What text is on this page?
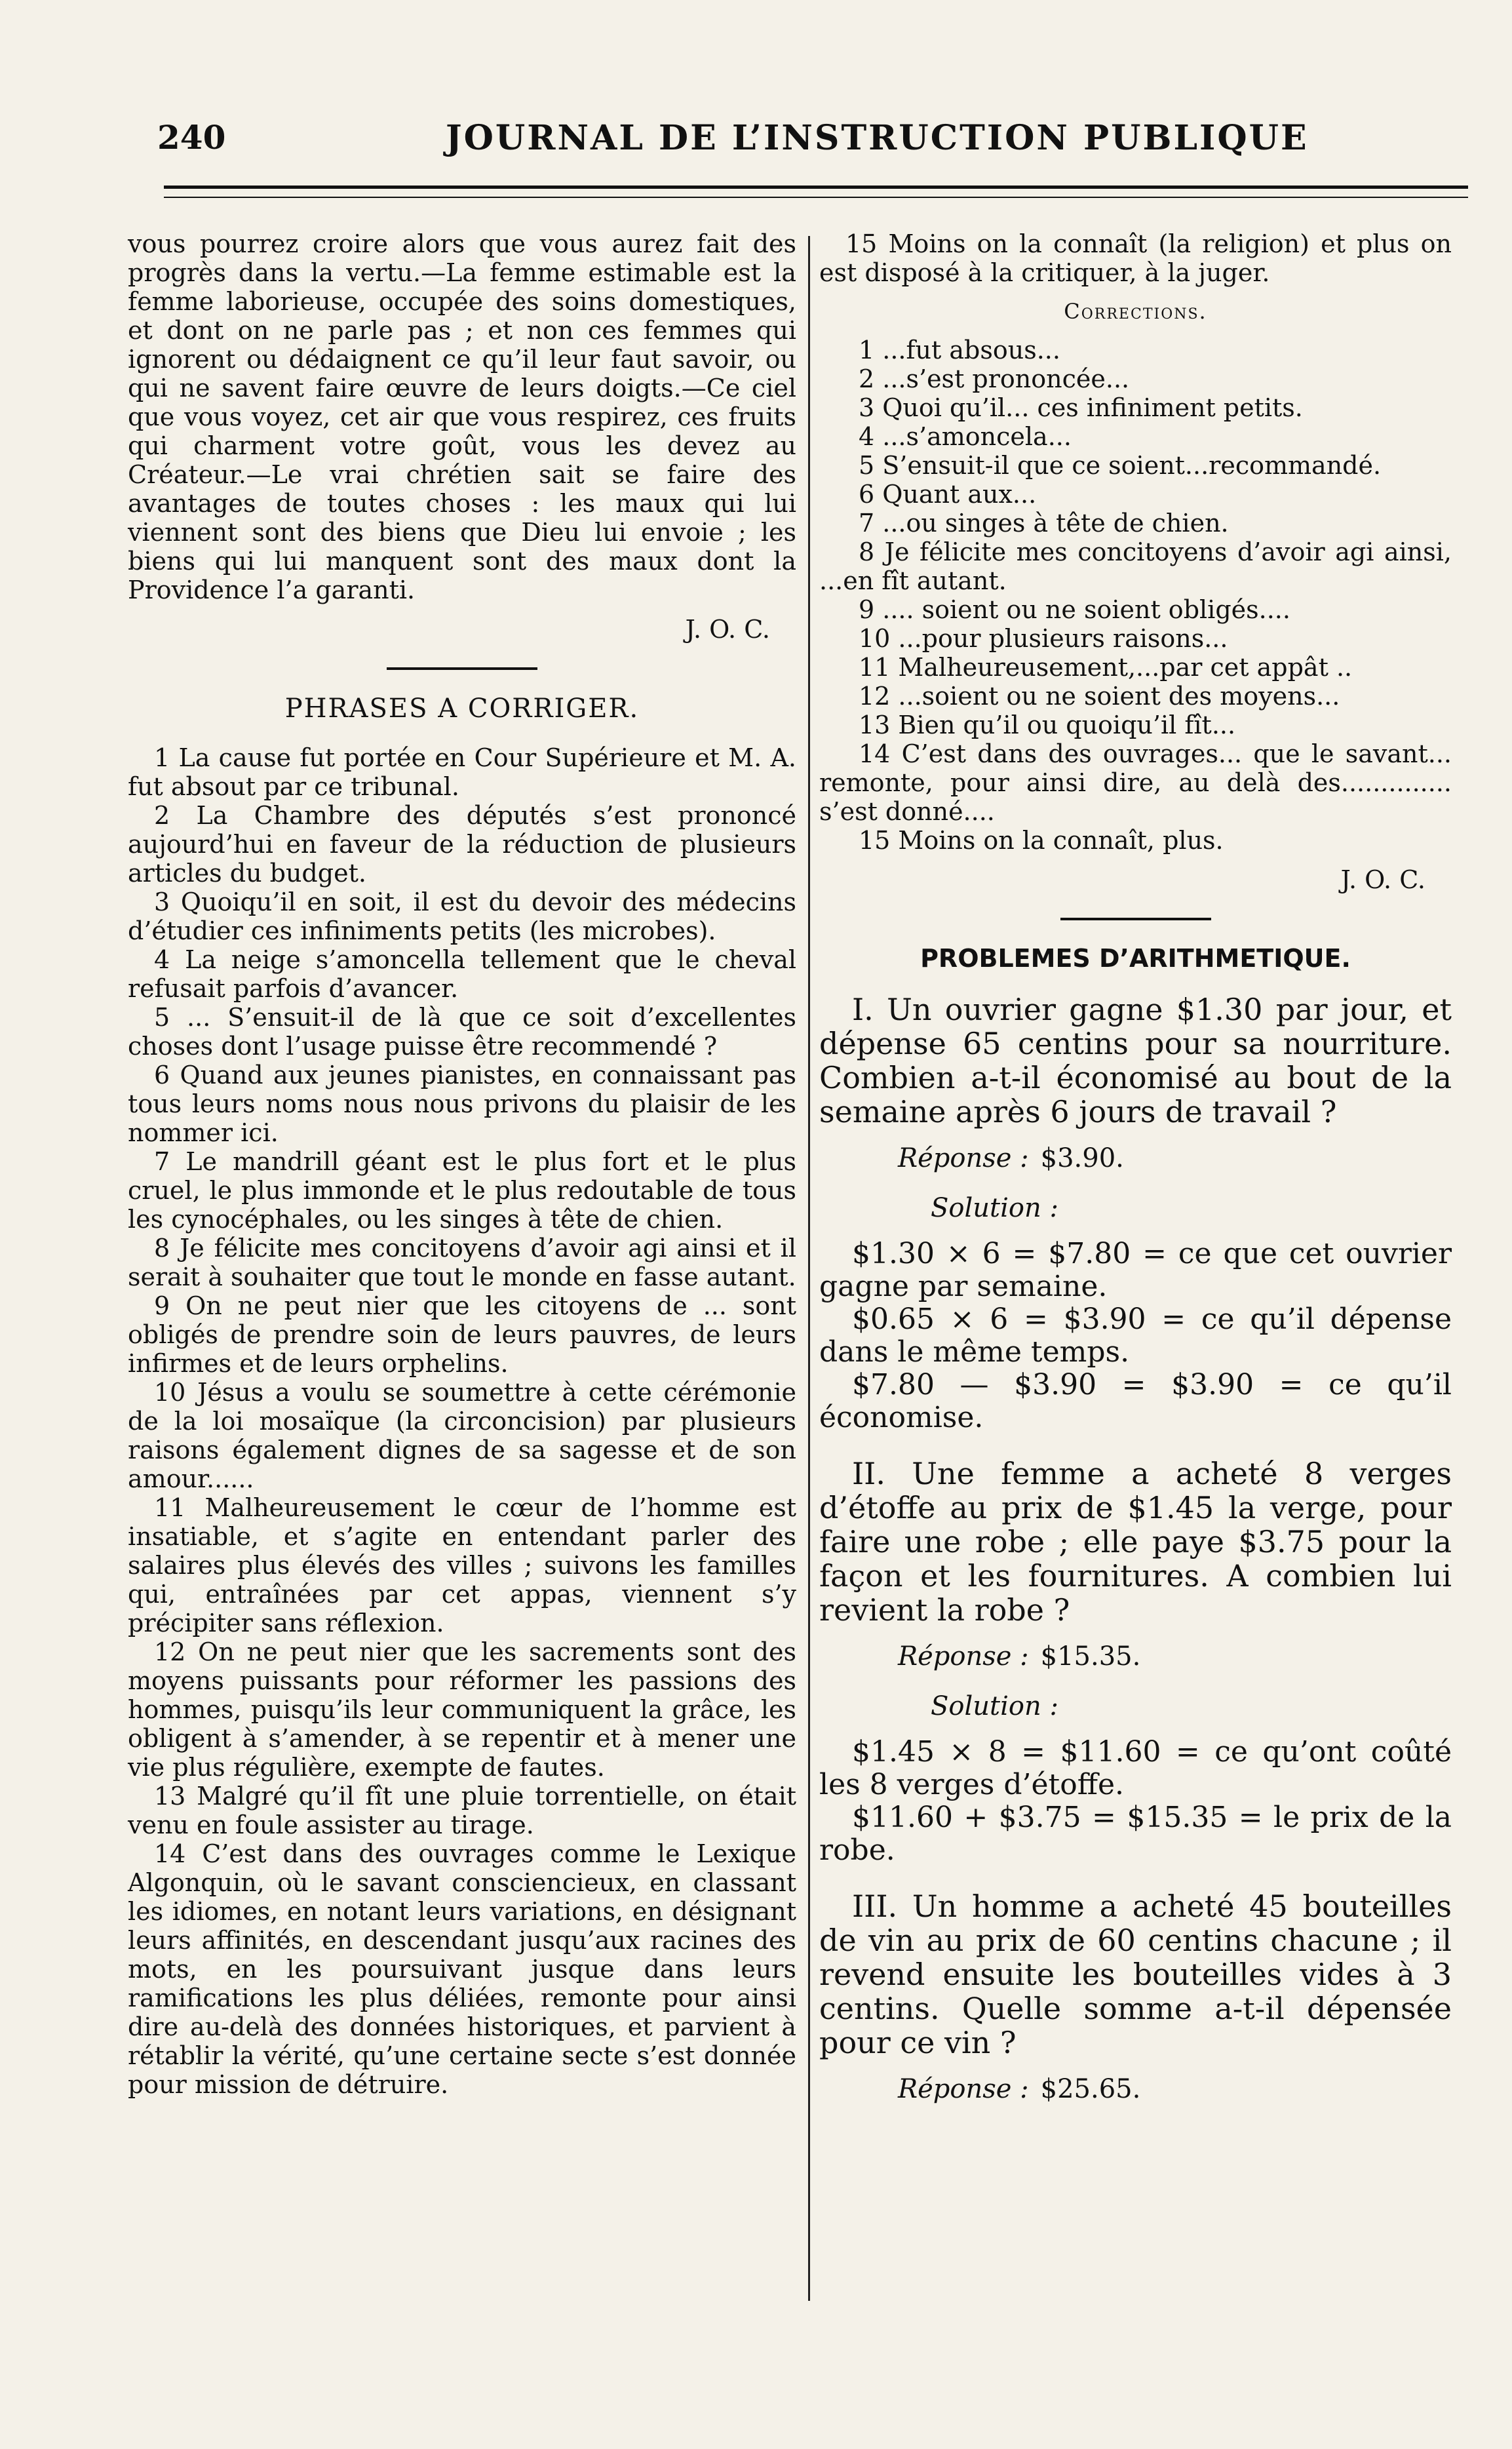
240	JOURNAL DE L’INSTRUCTION PUBLIQUE

vous pourrez croire alors que vous aurez fait des progrès dans la vertu.—La femme estimable est la femme laborieuse, occupée des soins domestiques, et dont on ne parle pas ; et non ces femmes qui ignorent ou dédaignent ce qu’il leur faut savoir, ou qui ne savent faire œuvre de leurs doigts.—Ce ciel que vous voyez, cet air que vous respirez, ces fruits qui charment votre goût, vous les devez au Créateur.—Le vrai chrétien sait se faire des avantages de toutes choses : les maux qui lui viennent sont des biens que Dieu lui envoie ; les biens qui lui manquent sont des maux dont la Providence l’a garanti.

J. O. C.

PHRASES A CORRIGER.

1 La cause fut portée en Cour Supérieure et M. A. fut absout par ce tribunal.

2 La Chambre des députés s’est prononcé aujourd’hui en faveur de la réduction de plusieurs articles du budget.

3 Quoiqu’il en soit, il est du devoir des médecins d’étudier ces infiniments petits (les microbes).

4 La neige s’amoncella tellement que le cheval refusait parfois d’avancer.

5 ... S’ensuit-il de là que ce soit d’excellentes choses dont l’usage puisse être recommendé ?

6 Quand aux jeunes pianistes, en connaissant pas tous leurs noms nous nous privons du plaisir de les nommer ici.

7 Le mandrill géant est le plus fort et le plus cruel, le plus immonde et le plus redoutable de tous les cynocéphales, ou les singes à tête de chien.

8 Je félicite mes concitoyens d’avoir agi ainsi et il serait à souhaiter que tout le monde en fasse autant.

9 On ne peut nier que les citoyens de ... sont obligés de prendre soin de leurs pauvres, de leurs infirmes et de leurs orphelins.

10 Jésus a voulu se soumettre à cette cérémonie de la loi mosaïque (la circoncision) par plusieurs raisons également dignes de sa sagesse et de son amour......

11 Malheureusement le cœur de l’homme est insatiable, et s’agite en entendant parler des salaires plus élevés des villes ; suivons les familles qui, entraînées par cet appas, viennent s’y précipiter sans réflexion.

12 On ne peut nier que les sacrements sont des moyens puissants pour réformer les passions des hommes, puisqu’ils leur communiquent la grâce, les obligent à s’amender, à se repentir et à mener une vie plus régulière, exempte de fautes.

13 Malgré qu’il fît une pluie torrentielle, on était venu en foule assister au tirage.

14 C’est dans des ouvrages comme le Lexique Algonquin, où le savant consciencieux, en classant les idiomes, en notant leurs variations, en désignant leurs affinités, en descendant jusqu’aux racines des mots, en les poursuivant jusque dans leurs ramifications les plus déliées, remonte pour ainsi dire au-delà des données historiques, et parvient à rétablir la vérité, qu’une certaine secte s’est donnée pour mission de détruire.

15 Moins on la connaît (la religion) et plus on est disposé à la critiquer, à la juger.

Corrections.

1 ...fut absous...

2 ...s’est prononcée...

3 Quoi qu’il... ces infiniment petits.

4 ...s’amoncela...

5 S’ensuit-il que ce soient...recommandé.

6 Quant aux...

7 ...ou singes à tête de chien.

8 Je félicite mes concitoyens d’avoir agi ainsi, ...en fît autant.

9 .... soient ou ne soient obligés....

10 ...pour plusieurs raisons...

11 Malheureusement,...par cet appât ..

12 ...soient ou ne soient des moyens...

13 Bien qu’il ou quoiqu’il fît...

14 C’est dans des ouvrages... que le savant... remonte, pour ainsi dire, au delà des.............. s’est donné....

15 Moins on la connaît, plus.

J. O. C.

PROBLEMES D’ARITHMETIQUE.

I. Un ouvrier gagne $1.30 par jour, et dépense 65 centins pour sa nourriture. Combien a-t-il économisé au bout de la semaine après 6 jours de travail ?

Réponse : $3.90.
Solution :

$1.30 × 6 = $7.80 = ce que cet ouvrier gagne par semaine.

$0.65 × 6 = $3.90 = ce qu’il dépense dans le même temps.

$7.80 — $3.90 = $3.90 = ce qu’il économise.

II. Une femme a acheté 8 verges d’étoffe au prix de $1.45 la verge, pour faire une robe ; elle paye $3.75 pour la façon et les fournitures. A combien lui revient la robe ?

Réponse : $15.35.
Solution :

$1.45 × 8 = $11.60 = ce qu’ont coûté les 8 verges d’étoffe.

$11.60 + $3.75 = $15.35 = le prix de la robe.

III. Un homme a acheté 45 bouteilles de vin au prix de 60 centins chacune ; il revend ensuite les bouteilles vides à 3 centins. Quelle somme a-t-il dépensée pour ce vin ?

Réponse : $25.65.
